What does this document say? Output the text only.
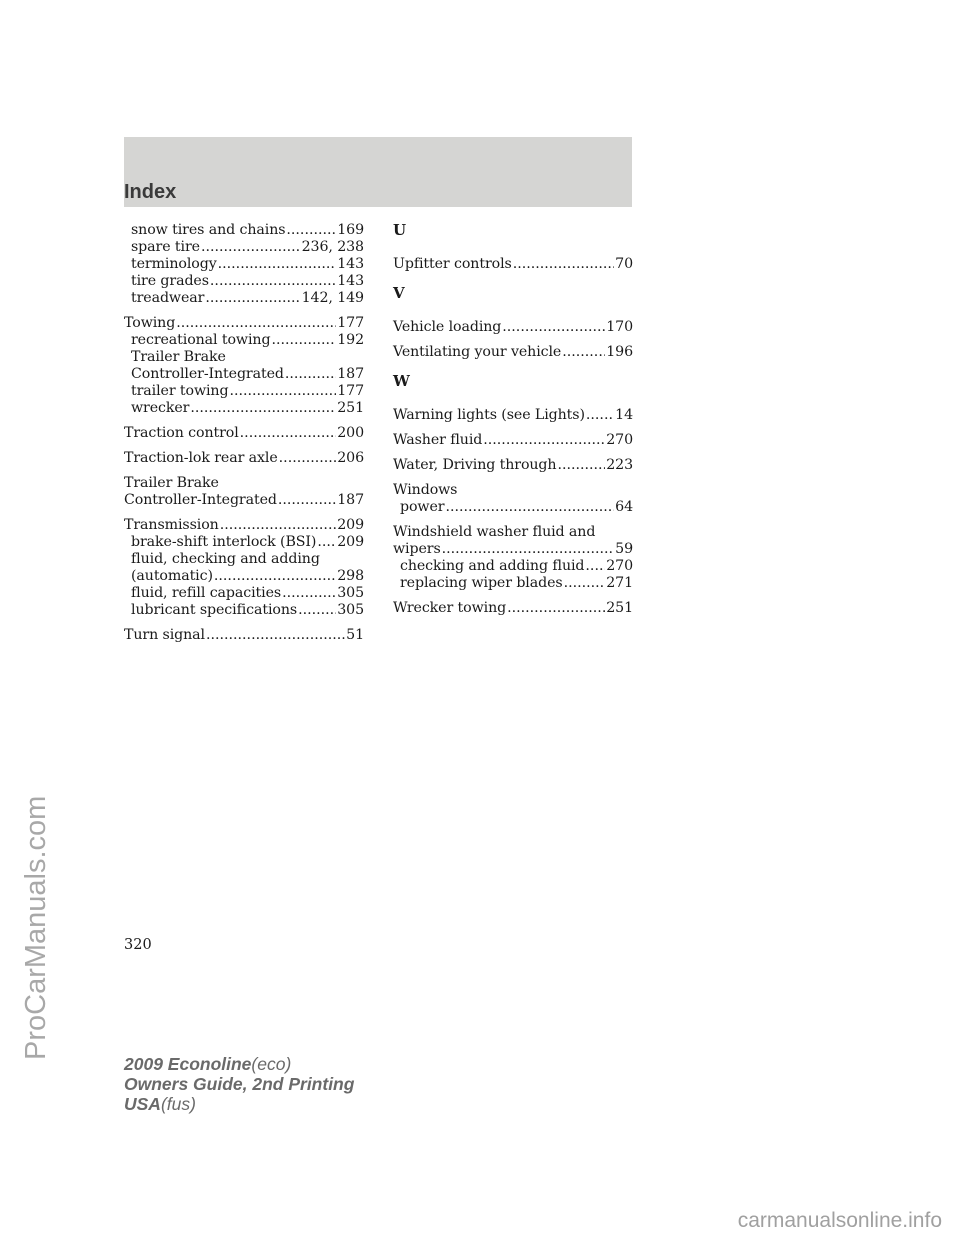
Index
snow tires and chains .....	169
spare tire .....	236, 238
terminology .....	143
tire grades .....	143
treadwear .....	142, 149
Towing .....	177
recreational towing .....	192
Trailer Brake
Controller-Integrated .....	187
trailer towing .....	177
wrecker .....	251
Traction control .....	200
Traction-lok rear axle .....	206
Trailer Brake
Controller-Integrated .....	187
Transmission .....	209
brake-shift interlock (BSI) ..... 209
fluid, checking and adding
(automatic) .....	298
fluid, refill capacities .....	305
lubricant specifications .....	305
Turn signal .....	51
U
Upfitter controls .....	70
V
Vehicle loading .....	170
Ventilating your vehicle .....	196
W
Warning lights (see Lights) ..... 14
Washer fluid .....	270
Water, Driving through .....	223
Windows
power .....	64
Windshield washer fluid and
wipers .....	59
checking and adding fluid ..... 270
replacing wiper blades .....	271
Wrecker towing .....	251

320

2009 Econoline(eco)
Owners Guide, 2nd Printing
USA(fus)
ProCarManuals.com
carmanualsonline.info
